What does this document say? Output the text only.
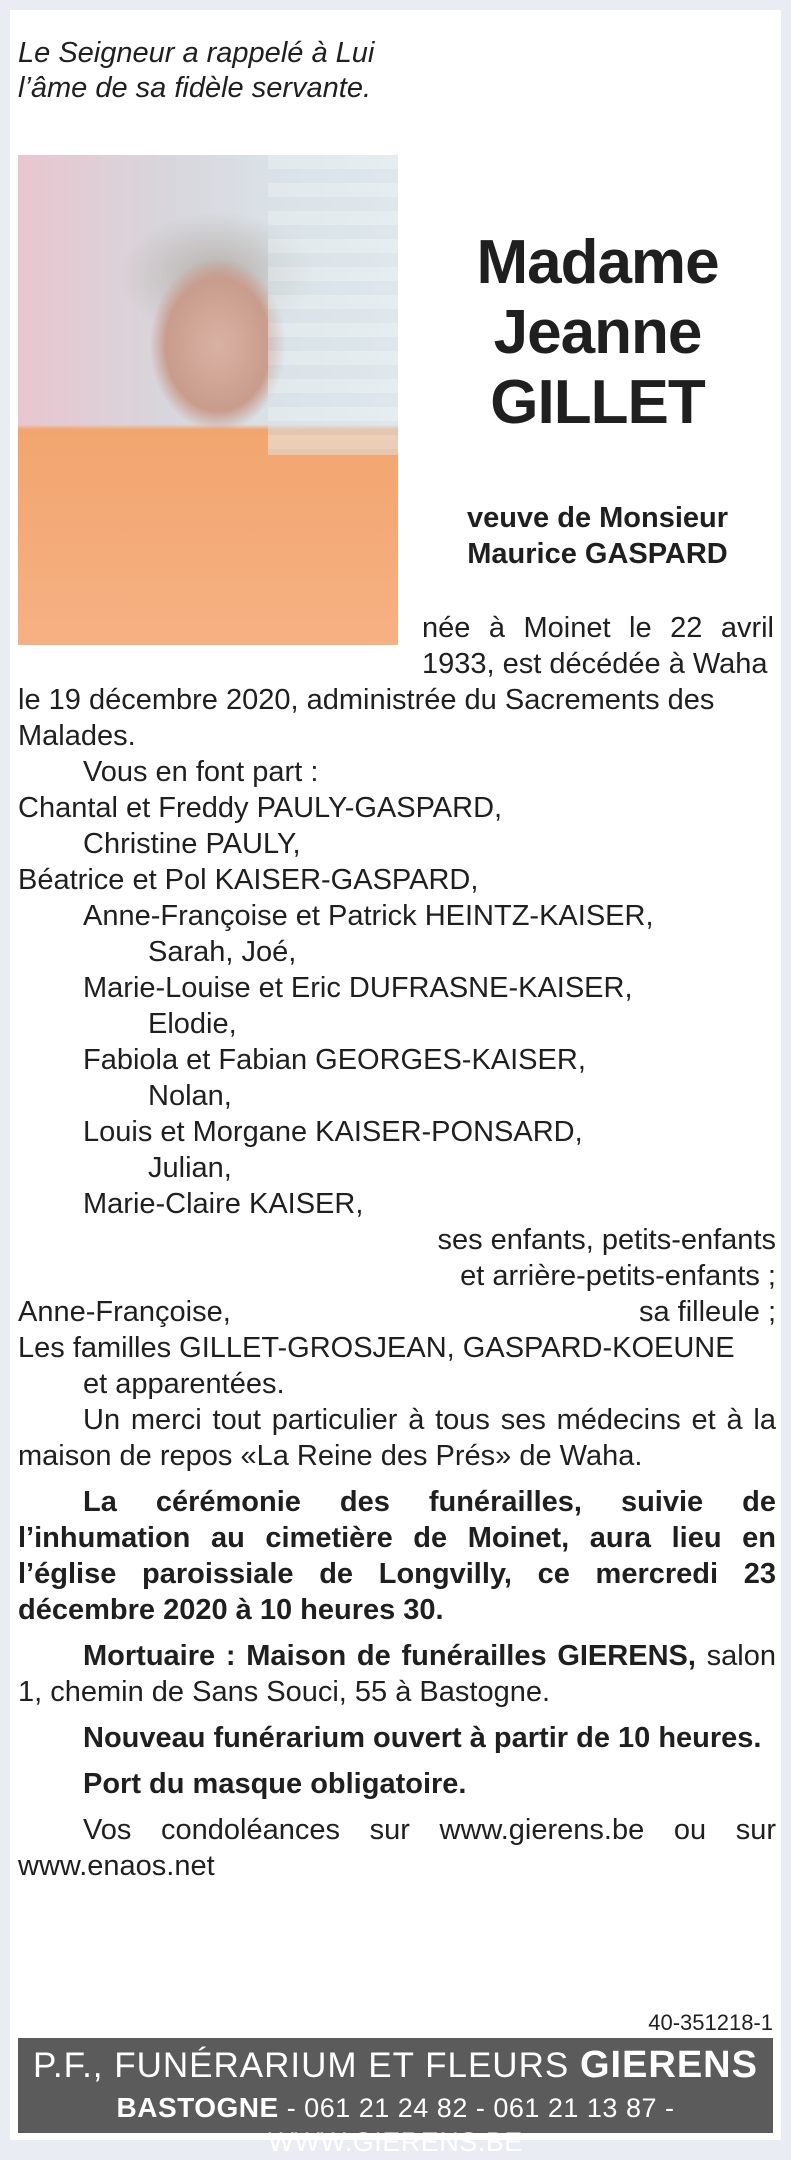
Le Seigneur a rappelé à Lui
l’âme de sa fidèle servante.
Madame
Jeanne
GILLET
veuve de Monsieur
Maurice GASPARD
née à Moinet le 22 avril 1933, est décédée à Waha

le 19 décembre 2020, administrée du Sacrements des Malades.

Vous en font part :

Chantal et Freddy PAULY-GASPARD,
Christine PAULY,
Béatrice et Pol KAISER-GASPARD,
Anne-Françoise et Patrick HEINTZ-KAISER,
Sarah, Joé,
Marie-Louise et Eric DUFRASNE-KAISER,
Elodie,
Fabiola et Fabian GEORGES-KAISER,
Nolan,
Louis et Morgane KAISER-PONSARD,
Julian,
Marie-Claire KAISER,
ses enfants, petits-enfants
et arrière-petits-enfants ;
Anne-Françoise,	sa filleule ;
Les familles GILLET-GROSJEAN, GASPARD-KOEUNE
et apparentées.

Un merci tout particulier à tous ses médecins et à la maison de repos «La Reine des Prés» de Waha.

La cérémonie des funérailles, suivie de l’inhumation au cimetière de Moinet, aura lieu en l’église paroissiale de Longvilly, ce mercredi 23 décembre 2020 à 10 heures 30.

Mortuaire : Maison de funérailles GIERENS, salon 1, chemin de Sans Souci, 55 à Bastogne.

Nouveau funérarium ouvert à partir de 10 heures.

Port du masque obligatoire.

Vos condoléances sur www.gierens.be ou sur www.enaos.net

40-351218-1
P.F., FUNÉRARIUM ET FLEURS GIERENS
BASTOGNE - 061 21 24 82 - 061 21 13 87 - WWW.GIERENS.BE
